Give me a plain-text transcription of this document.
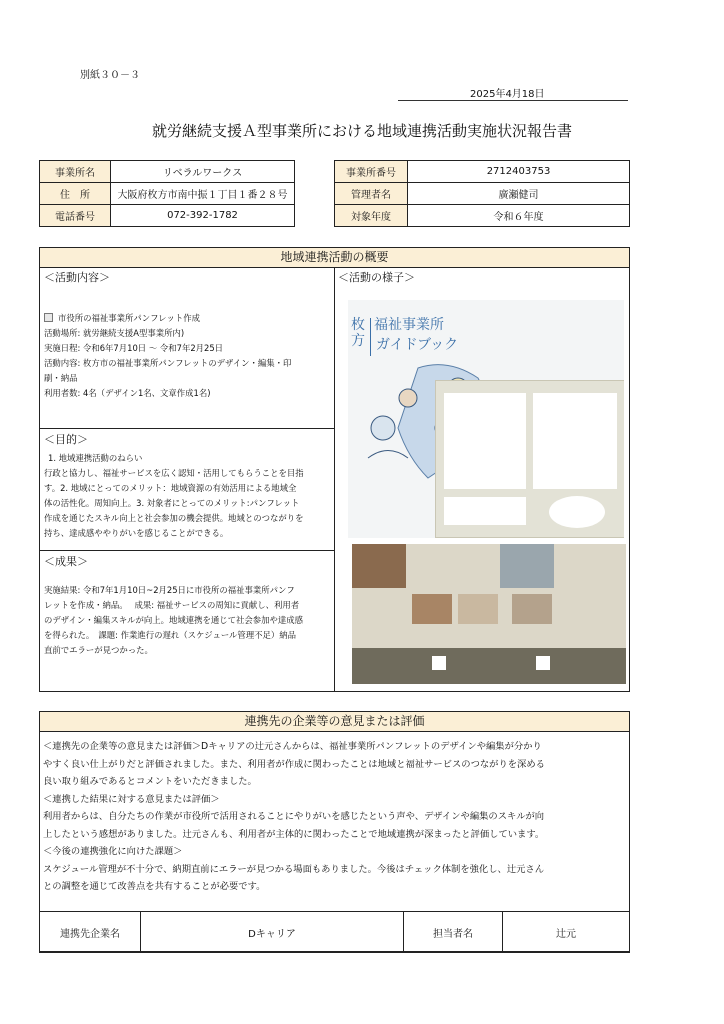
別紙３０－３
2025年4月18日
就労継続支援Ａ型事業所における地域連携活動実施状況報告書
事業所名	リベラルワークス
住　所	大阪府枚方市南中振１丁目１番２８号
電話番号	072-392-1782
事業所番号	2712403753
管理者名	廣瀬健司
対象年度	令和６年度
地域連携活動の概要
＜活動内容＞
市役所の福祉事業所パンフレット作成
活動場所: 就労継続支援A型事業所内)
実施日程: 令和6年7月10日 ～ 令和7年2月25日
活動内容: 枚方市の福祉事業所パンフレットのデザイン・編集・印
刷・納品
利用者数: 4名（デザイン1名、文章作成1名)
＜目的＞
1. 地域連携活動のねらい
行政と協力し、福祉サービスを広く認知・活用してもらうことを目指
す。2. 地域にとってのメリット：地域資源の有効活用による地域全
体の活性化。周知向上。3. 対象者にとってのメリット:パンフレット
作成を通じたスキル向上と社会参加の機会提供。地域とのつながりを
持ち、達成感ややりがいを感じることができる。
＜成果＞
実施結果: 令和7年1月10日~2月25日に市役所の福祉事業所パンフ
レットを作成・納品。　 成果: 福祉サービスの周知に貢献し、利用者
のデザイン・編集スキルが向上。地域連携を通じて社会参加や達成感
を得られた。　課題: 作業進行の遅れ（スケジュール管理不足）納品
直前でエラーが見つかった。
＜活動の様子＞
枚方
福祉事業所
ガイドブック
連携先の企業等の意見または評価
＜連携先の企業等の意見または評価＞Dキャリアの辻元さんからは、福祉事業所パンフレットのデザインや編集が分かり
やすく良い仕上がりだと評価されました。また、利用者が作成に関わったことは地域と福祉サービスのつながりを深める
良い取り組みであるとコメントをいただきました。
＜連携した結果に対する意見または評価＞
利用者からは、自分たちの作業が市役所で活用されることにやりがいを感じたという声や、デザインや編集のスキルが向
上したという感想がありました。辻元さんも、利用者が主体的に関わったことで地域連携が深まったと評価しています。
＜今後の連携強化に向けた課題＞
スケジュール管理が不十分で、納期直前にエラーが見つかる場面もありました。今後はチェック体制を強化し、辻元さん
との調整を通じて改善点を共有することが必要です。
連携先企業名	Dキャリア	担当者名	辻元
